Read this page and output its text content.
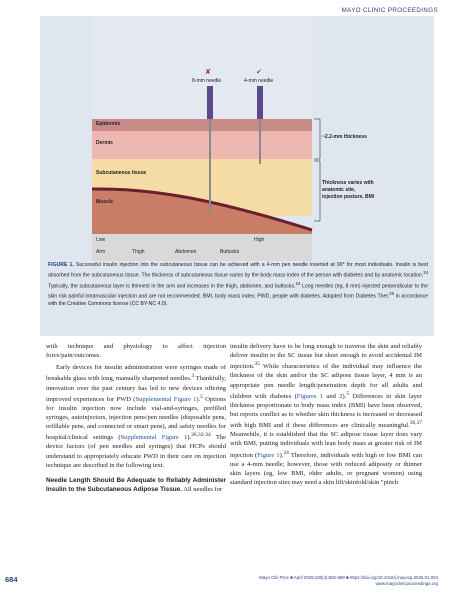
MAYO CLINIC PROCEEDINGS
✘
8-mm needle
✔
4-mm needle
Epidermis
Dermis
Subcutaneous tissue
Muscle
~2.2-mm thickness
Thickness varies with
anatomic site,
injection posture, BMI
Low	High
Arm	Thigh	Abdomen	Buttocks
FIGURE 1. Successful insulin injection into the subcutaneous tissue can be achieved with a 4-mm pen needle inserted at 90° for most individuals. Insulin is best absorbed from the subcutaneous tissue. The thickness of subcutaneous tissue varies by the body mass index of the person with diabetes and by anatomic location.$^{24}$ Typically, the subcutaneous layer is thinnest in the arm and increases in the thigh, abdomen, and buttocks.$^{24}$ Long needles (eg, 8 mm) injected perpendicular to the skin risk painful intramuscular injection and are not recommended. BMI, body mass index; PWD, people with diabetes. Adapted from Diabetes Ther,$^{25}$ in accordance with the Creative Commons license (CC BY-NC 4.0).

with technique and physiology to affect injection force/pain/outcomes.

Early devices for insulin administration were syringes made of breakable glass with long, manually sharpened needles.$^3$ Thankfully, innovation over the past century has led to new devices offering improved experiences for PWD (Supplemental Figure 1).$^5$ Options for insulin injection now include vial-and-syringes, prefilled syringes, autoinjectors, injection pens/pen needles (disposable pens, refillable pens, and connected or smart pens), and safety needles for hospital/clinical settings (Supplemental Figure 1).$^{26,32-34}$ The device factors (of pen needles and syringes) that HCPs should understand to appropriately educate PWD in their care on injection technique are described in the following text.

Needle Length Should Be Adequate to Reliably Administer Insulin to the Subcutaneous Adipose Tissue. All needles for

insulin delivery have to be long enough to traverse the skin and reliably deliver insulin to the SC tissue but short enough to avoid accidental IM injection.$^{35}$ While characteristics of the individual may influence the thickness of the skin and/or the SC adipose tissue layer, 4 mm is an appropriate pen needle length/penetration depth for all adults and children with diabetes (Figures 1 and 2).$^5$ Differences in skin layer thickness proportionate to body mass index (BMI) have been observed, but reports conflict as to whether skin thickness is increased or decreased with high BMI and if these differences are clinically meaningful.$^{36,37}$ Meanwhile, it is established that the SC adipose tissue layer does vary with BMI, putting individuals with lean body mass at greater risk of IM injection (Figure 1).$^{24}$ Therefore, individuals with high or low BMI can use a 4-mm needle; however, those with reduced adiposity or thinner skin layers (eg, low BMI, older adults, or pregnant women) using standard injection sites may need a skin lift/skinfold/skin "pinch

684	Mayo Clin Proc ■ April 2025;100(4):682-699 ■ https://doi.org/10.1016/j.mayocp.2025.01.004
www.mayoclinicproceedings.org
